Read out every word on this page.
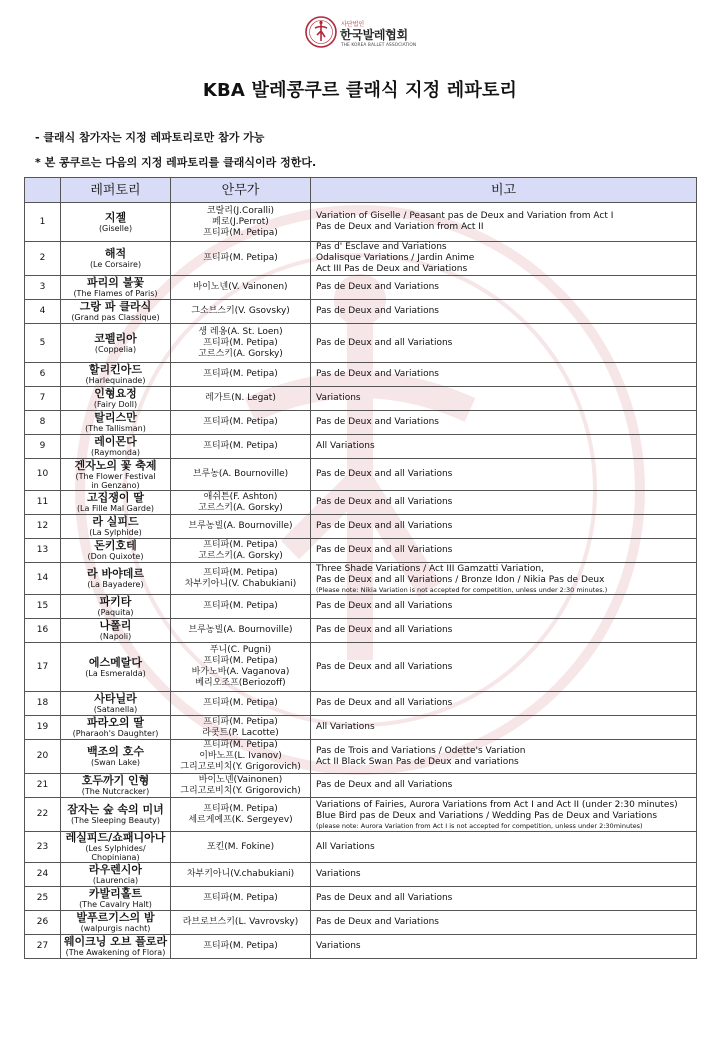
사단법인
한국발레협회
THE KOREA BALLET ASSOCIATION
KBA 발레콩쿠르 클래식 지정 레파토리
- 클래식 참가자는 지정 레파토리로만 참가 가능
* 본 콩쿠르는 다음의 지정 레파토리를 클래식이라 정한다.
	레퍼토리	안무가	비고
1	지젤
(Giselle)	코랄리(J.Coralli)
페로(J.Perrot)
프티파(M. Petipa)	Variation of Giselle / Peasant pas de Deux and Variation from Act I
Pas de Deux and Variation from Act II

2	해적
(Le Corsaire)	프티파(M. Petipa)	Pas d' Esclave and Variations
Odalisque Variations / Jardin Anime
Act III Pas de Deux and Variations

3	파리의 불꽃
(The Flames of Paris)	바이노넨(V. Vainonen)	Pas de Deux and Variations

4	그랑 파 클라식
(Grand pas Classique)	그소브스키(V. Gsovsky)	Pas de Deux and Variations

5	코펠리아
(Coppelia)	생 레옹(A. St. Loen)
프티파(M. Petipa)
고르스키(A. Gorsky)	Pas de Deux and all Variations

6	할리킨아드
(Harlequinade)	프티파(M. Petipa)	Pas de Deux and Variations

7	인형요정
(Fairy Doll)	레가트(N. Legat)	Variations

8	탈리스만
(The Tallisman)	프티파(M. Petipa)	Pas de Deux and Variations

9	레이몬다
(Raymonda)	프티파(M. Petipa)	All Variations

10	겐자노의 꽃 축제
(The Flower Festival
in Genzano)	브루농(A. Bournoville)	Pas de Deux and all Variations

11	고집쟁이 딸
(La Fille Mal Garde)	애쉬튼(F. Ashton)
고르스키(A. Gorsky)	Pas de Deux and all Variations

12	라 실피드
(La Sylphide)	브루농빌(A. Bournoville)	Pas de Deux and all Variations

13	돈키호테
(Don Quixote)	프티파(M. Petipa)
고르스키(A. Gorsky)	Pas de Deux and all Variations

14	라 바야데르
(La Bayadere)	프티파(M. Petipa)
차부키아니(V. Chabukiani)	Three Shade Variations / Act III Gamzatti Variation,
Pas de Deux and all Variations / Bronze Idon / Nikia Pas de Deux
(Please note: Nikia Variation is not accepted for competition, unless under 2:30 minutes.)

15	파키타
(Paquita)	프티파(M. Petipa)	Pas de Deux and all Variations

16	나폴리
(Napoli)	브루농빌(A. Bournoville)	Pas de Deux and all Variations

17	에스메랄다
(La Esmeralda)	푸니(C. Pugni)
프티파(M. Petipa)
바가노바(A. Vaganova)
베리오조프(Beriozoff)	Pas de Deux and all Variations

18	사타닐라
(Satanella)	프티파(M. Petipa)	Pas de Deux and all Variations

19	파라오의 딸
(Pharaoh's Daughter)	프티파(M. Petipa)
라콧트(P. Lacotte)	All Variations

20	백조의 호수
(Swan Lake)	프티파(M. Petipa)
이바노프(L. Ivanov)
그리고로비치(Y. Grigorovich)	Pas de Trois and Variations / Odette's Variation
Act II Black Swan Pas de Deux and variations

21	호두까기 인형
(The Nutcracker)	바이노넨(Vainonen)
그리고로비치(Y. Grigorovich)	Pas de Deux and all Variations

22	잠자는 숲 속의 미녀
(The Sleeping Beauty)	프티파(M. Petipa)
세르게예프(K. Sergeyev)	Variations of Fairies, Aurora Variations from Act I and Act II (under 2:30 minutes)
Blue Bird pas de Deux and Variations / Wedding Pas de Deux and Variations
(please note: Aurora Variation from Act I is not accepted for competition, unless under 2:30minutes)

23	레실피드/쇼패니아나
(Les Sylphides/ Chopiniana)	포킨(M. Fokine)	All Variations

24	라우렌시아
(Laurencia)	차부키아니(V.chabukiani)	Variations

25	카발리홀트
(The Cavalry Halt)	프티파(M. Petipa)	Pas de Deux and all Variations

26	발푸르기스의 밤
(walpurgis nacht)	라브로브스키(L. Vavrovsky)	Pas de Deux and Variations

27	웨이크닝 오브 플로라
(The Awakening of Flora)	프티파(M. Petipa)	Variations
